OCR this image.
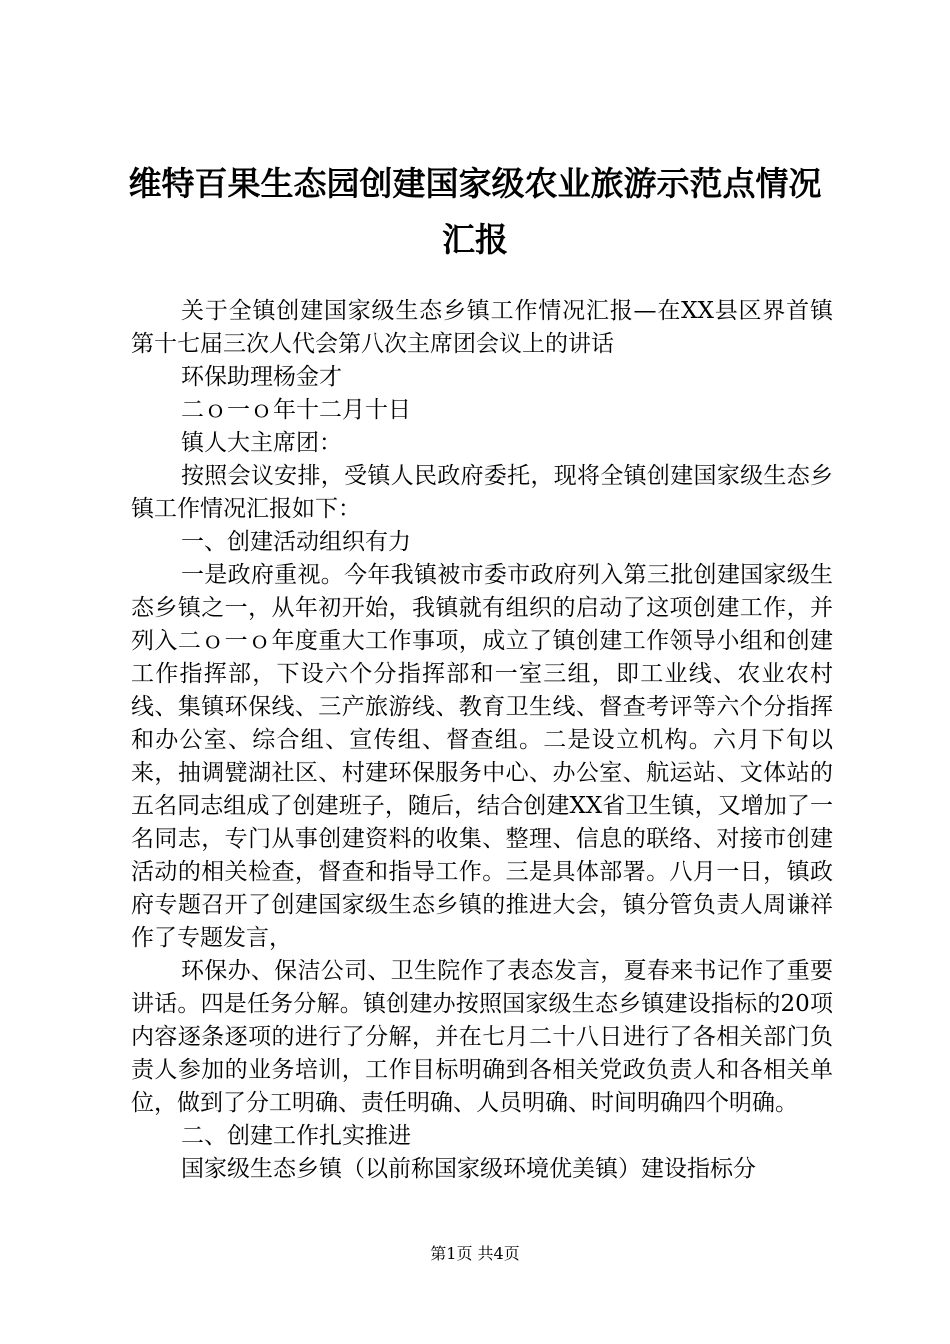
维特百果生态园创建国家级农业旅游示范点情况汇报

关于全镇创建国家级生态乡镇工作情况汇报—在XX县区界首镇第十七届三次人代会第八次主席团会议上的讲话

环保助理杨金才

二ｏ一ｏ年十二月十日

镇人大主席团：

按照会议安排，受镇人民政府委托，现将全镇创建国家级生态乡镇工作情况汇报如下：

一、创建活动组织有力

一是政府重视。今年我镇被市委市政府列入第三批创建国家级生态乡镇之一，从年初开始，我镇就有组织的启动了这项创建工作，并列入二ｏ一ｏ年度重大工作事项，成立了镇创建工作领导小组和创建工作指挥部，下设六个分指挥部和一室三组，即工业线、农业农村线、集镇环保线、三产旅游线、教育卫生线、督查考评等六个分指挥和办公室、综合组、宣传组、督查组。二是设立机构。六月下旬以来，抽调甓湖社区、村建环保服务中心、办公室、航运站、文体站的五名同志组成了创建班子，随后，结合创建XX省卫生镇，又增加了一名同志，专门从事创建资料的收集、整理、信息的联络、对接市创建活动的相关检查，督查和指导工作。三是具体部署。八月一日，镇政府专题召开了创建国家级生态乡镇的推进大会，镇分管负责人周谦祥作了专题发言，

环保办、保洁公司、卫生院作了表态发言，夏春来书记作了重要讲话。四是任务分解。镇创建办按照国家级生态乡镇建设指标的20项内容逐条逐项的进行了分解，并在七月二十八日进行了各相关部门负责人参加的业务培训，工作目标明确到各相关党政负责人和各相关单位，做到了分工明确、责任明确、人员明确、时间明确四个明确。

二、创建工作扎实推进

国家级生态乡镇（以前称国家级环境优美镇）建设指标分

第1页 共4页
